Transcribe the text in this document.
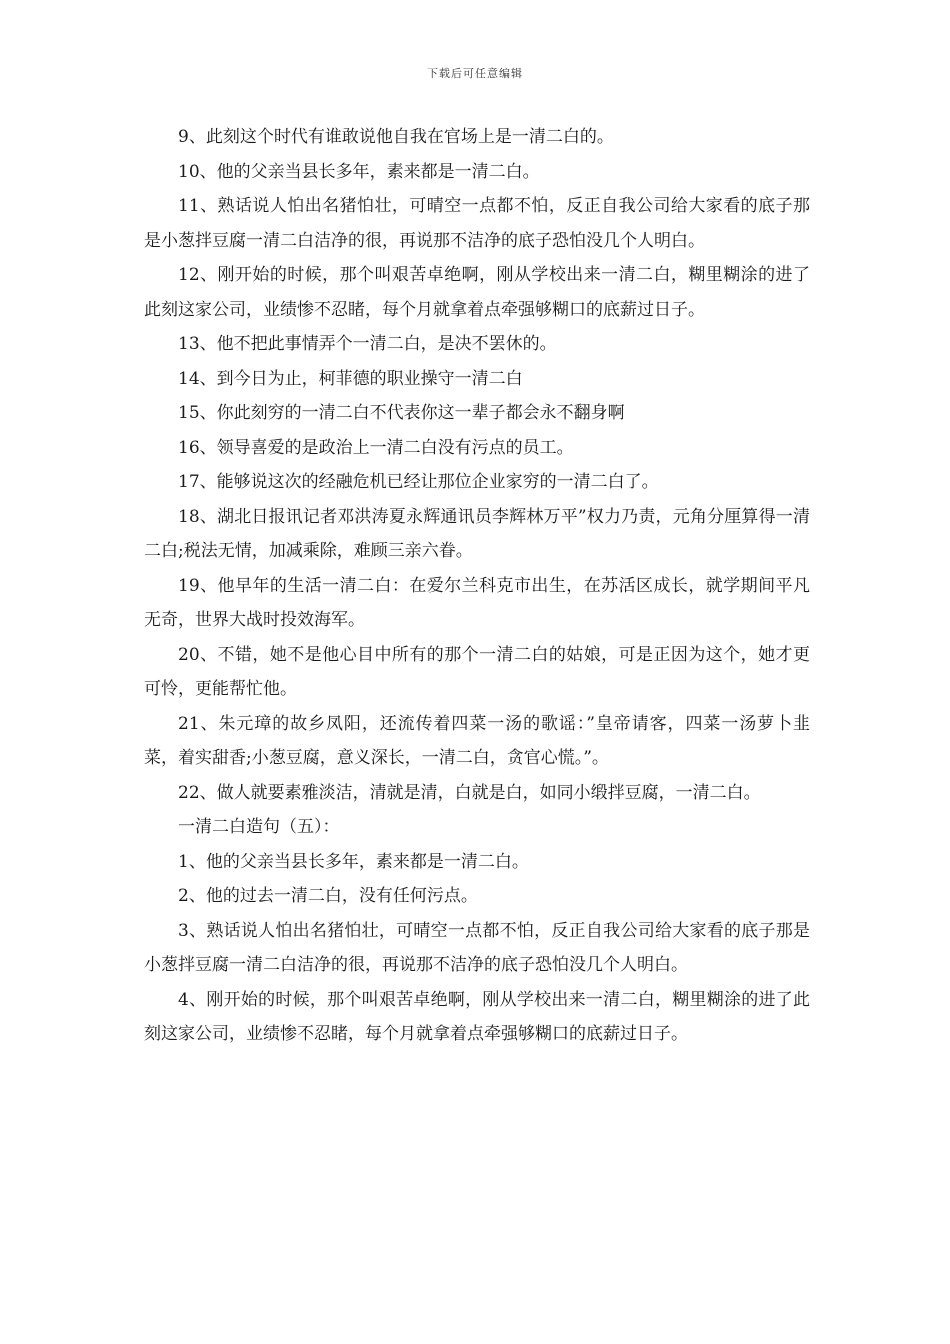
下载后可任意编辑

9、此刻这个时代有谁敢说他自我在官场上是一清二白的。

10、他的父亲当县长多年，素来都是一清二白。

11、熟话说人怕出名猪怕壮，可晴空一点都不怕，反正自我公司给大家看的底子那是小葱拌豆腐一清二白洁净的很，再说那不洁净的底子恐怕没几个人明白。

12、刚开始的时候，那个叫艰苦卓绝啊，刚从学校出来一清二白，糊里糊涂的进了此刻这家公司，业绩惨不忍睹，每个月就拿着点牵强够糊口的底薪过日子。

13、他不把此事情弄个一清二白，是决不罢休的。

14、到今日为止，柯菲德的职业操守一清二白

15、你此刻穷的一清二白不代表你这一辈子都会永不翻身啊

16、领导喜爱的是政治上一清二白没有污点的员工。

17、能够说这次的经融危机已经让那位企业家穷的一清二白了。

18、湖北日报讯记者邓洪涛夏永辉通讯员李辉林万平”权力乃责，元角分厘算得一清二白;税法无情，加减乘除，难顾三亲六眷。

19、他早年的生活一清二白：在爱尔兰科克市出生，在苏活区成长，就学期间平凡无奇，世界大战时投效海军。

20、不错，她不是他心目中所有的那个一清二白的姑娘，可是正因为这个，她才更可怜，更能帮忙他。

21、朱元璋的故乡凤阳，还流传着四菜一汤的歌谣：”皇帝请客，四菜一汤萝卜韭菜，着实甜香;小葱豆腐，意义深长，一清二白，贪官心慌。”。

22、做人就要素雅淡洁，清就是清，白就是白，如同小缎拌豆腐，一清二白。

一清二白造句（五）：

1、他的父亲当县长多年，素来都是一清二白。

2、他的过去一清二白，没有任何污点。

3、熟话说人怕出名猪怕壮，可晴空一点都不怕，反正自我公司给大家看的底子那是小葱拌豆腐一清二白洁净的很，再说那不洁净的底子恐怕没几个人明白。

4、刚开始的时候，那个叫艰苦卓绝啊，刚从学校出来一清二白，糊里糊涂的进了此刻这家公司，业绩惨不忍睹，每个月就拿着点牵强够糊口的底薪过日子。
